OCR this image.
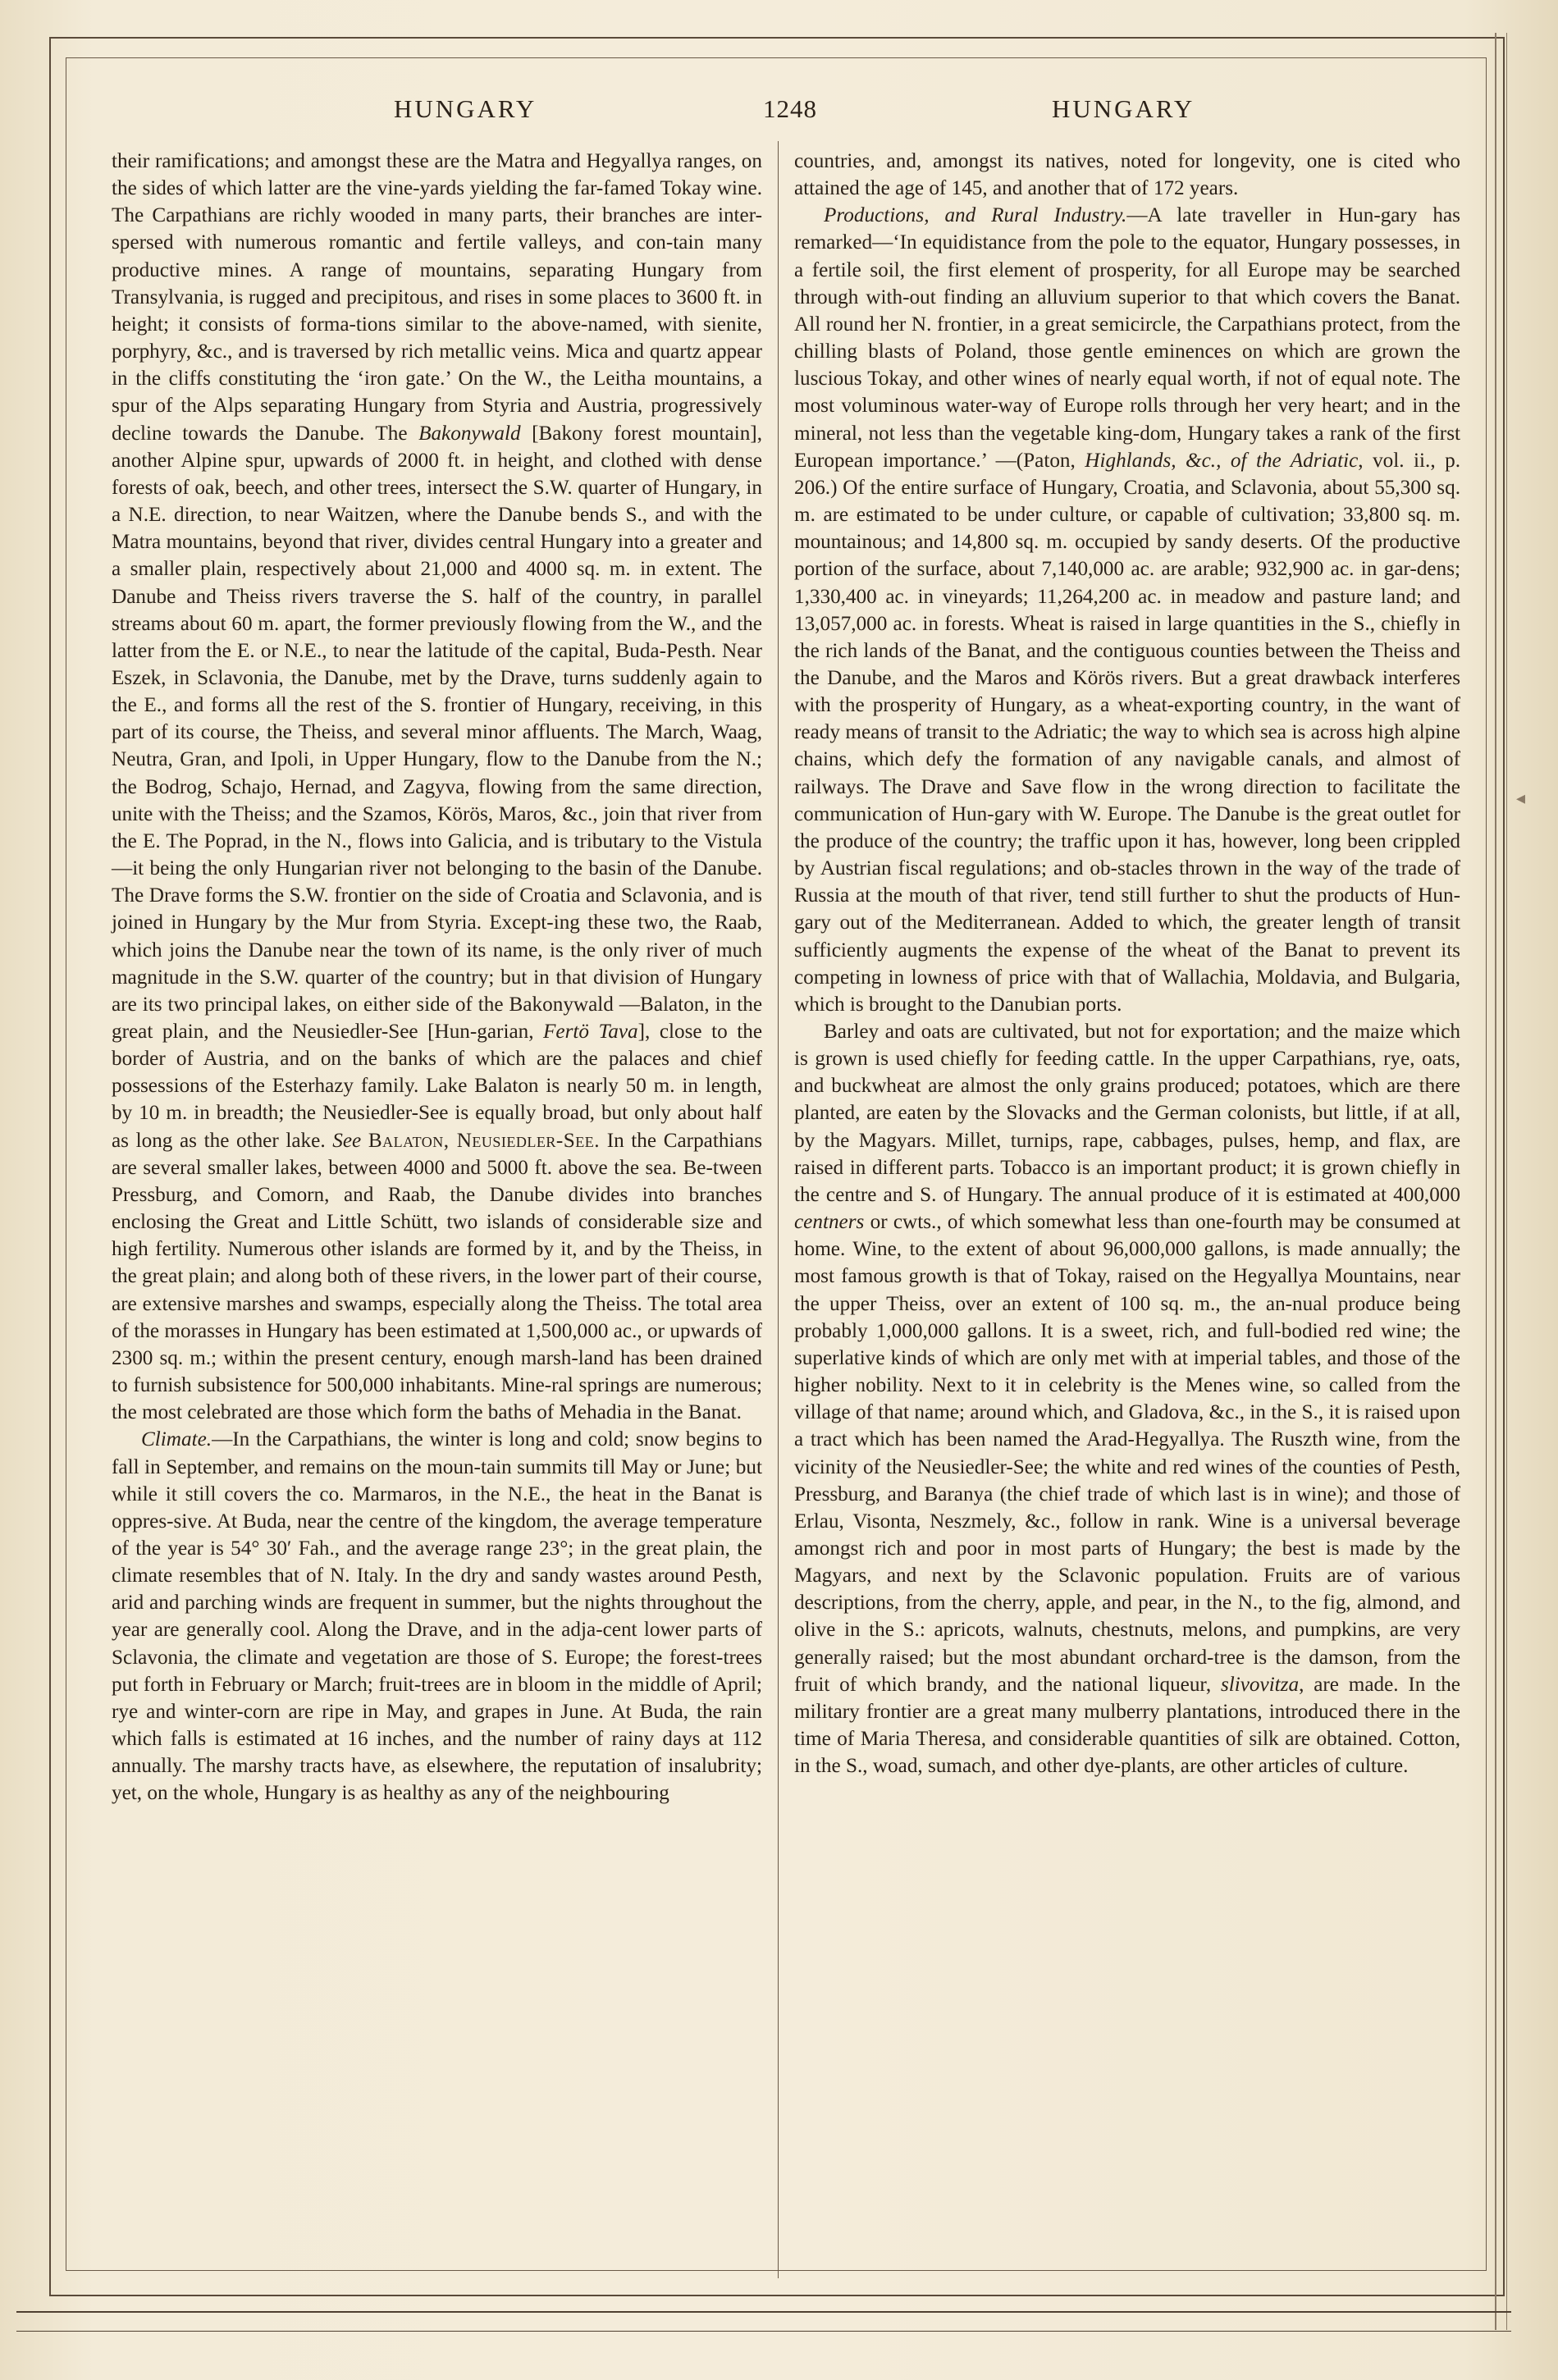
◂
HUNGARY	1248	HUNGARY

their ramifications; and amongst these are the Matra and Hegyallya ranges, on the sides of which latter are the vine-yards yielding the far-famed Tokay wine. The Carpathians are richly wooded in many parts, their branches are inter-spersed with numerous romantic and fertile valleys, and con-tain many productive mines. A range of mountains, separating Hungary from Transylvania, is rugged and precipitous, and rises in some places to 3600 ft. in height; it consists of forma-tions similar to the above-named, with sienite, porphyry, &c., and is traversed by rich metallic veins. Mica and quartz appear in the cliffs constituting the ‘iron gate.’ On the W., the Leitha mountains, a spur of the Alps separating Hungary from Styria and Austria, progressively decline towards the Danube. The Bakonywald [Bakony forest mountain], another Alpine spur, upwards of 2000 ft. in height, and clothed with dense forests of oak, beech, and other trees, intersect the S.W. quarter of Hungary, in a N.E. direction, to near Waitzen, where the Danube bends S., and with the Matra mountains, beyond that river, divides central Hungary into a greater and a smaller plain, respectively about 21,000 and 4000 sq. m. in extent. The Danube and Theiss rivers traverse the S. half of the country, in parallel streams about 60 m. apart, the former previously flowing from the W., and the latter from the E. or N.E., to near the latitude of the capital, Buda-Pesth. Near Eszek, in Sclavonia, the Danube, met by the Drave, turns suddenly again to the E., and forms all the rest of the S. frontier of Hungary, receiving, in this part of its course, the Theiss, and several minor affluents. The March, Waag, Neutra, Gran, and Ipoli, in Upper Hungary, flow to the Danube from the N.; the Bodrog, Schajo, Hernad, and Zagyva, flowing from the same direction, unite with the Theiss; and the Szamos, Körös, Maros, &c., join that river from the E. The Poprad, in the N., flows into Galicia, and is tributary to the Vistula—it being the only Hungarian river not belonging to the basin of the Danube. The Drave forms the S.W. frontier on the side of Croatia and Sclavonia, and is joined in Hungary by the Mur from Styria. Except-ing these two, the Raab, which joins the Danube near the town of its name, is the only river of much magnitude in the S.W. quarter of the country; but in that division of Hungary are its two principal lakes, on either side of the Bakonywald —Balaton, in the great plain, and the Neusiedler-See [Hun-garian, Fertö Tava], close to the border of Austria, and on the banks of which are the palaces and chief possessions of the Esterhazy family. Lake Balaton is nearly 50 m. in length, by 10 m. in breadth; the Neusiedler-See is equally broad, but only about half as long as the other lake. See Balaton, Neusiedler-See. In the Carpathians are several smaller lakes, between 4000 and 5000 ft. above the sea. Be-tween Pressburg, and Comorn, and Raab, the Danube divides into branches enclosing the Great and Little Schütt, two islands of considerable size and high fertility. Numerous other islands are formed by it, and by the Theiss, in the great plain; and along both of these rivers, in the lower part of their course, are extensive marshes and swamps, especially along the Theiss. The total area of the morasses in Hungary has been estimated at 1,500,000 ac., or upwards of 2300 sq. m.; within the present century, enough marsh-land has been drained to furnish subsistence for 500,000 inhabitants. Mine-ral springs are numerous; the most celebrated are those which form the baths of Mehadia in the Banat.

Climate.—In the Carpathians, the winter is long and cold; snow begins to fall in September, and remains on the moun-tain summits till May or June; but while it still covers the co. Marmaros, in the N.E., the heat in the Banat is oppres-sive. At Buda, near the centre of the kingdom, the average temperature of the year is 54° 30′ Fah., and the average range 23°; in the great plain, the climate resembles that of N. Italy. In the dry and sandy wastes around Pesth, arid and parching winds are frequent in summer, but the nights throughout the year are generally cool. Along the Drave, and in the adja-cent lower parts of Sclavonia, the climate and vegetation are those of S. Europe; the forest-trees put forth in February or March; fruit-trees are in bloom in the middle of April; rye and winter-corn are ripe in May, and grapes in June. At Buda, the rain which falls is estimated at 16 inches, and the number of rainy days at 112 annually. The marshy tracts have, as elsewhere, the reputation of insalubrity; yet, on the whole, Hungary is as healthy as any of the neighbouring

countries, and, amongst its natives, noted for longevity, one is cited who attained the age of 145, and another that of 172 years.

Productions, and Rural Industry.—A late traveller in Hun-gary has remarked—‘In equidistance from the pole to the equator, Hungary possesses, in a fertile soil, the first element of prosperity, for all Europe may be searched through with-out finding an alluvium superior to that which covers the Banat. All round her N. frontier, in a great semicircle, the Carpathians protect, from the chilling blasts of Poland, those gentle eminences on which are grown the luscious Tokay, and other wines of nearly equal worth, if not of equal note. The most voluminous water-way of Europe rolls through her very heart; and in the mineral, not less than the vegetable king-dom, Hungary takes a rank of the first European importance.’ —(Paton, Highlands, &c., of the Adriatic, vol. ii., p. 206.) Of the entire surface of Hungary, Croatia, and Sclavonia, about 55,300 sq. m. are estimated to be under culture, or capable of cultivation; 33,800 sq. m. mountainous; and 14,800 sq. m. occupied by sandy deserts. Of the productive portion of the surface, about 7,140,000 ac. are arable; 932,900 ac. in gar-dens; 1,330,400 ac. in vineyards; 11,264,200 ac. in meadow and pasture land; and 13,057,000 ac. in forests. Wheat is raised in large quantities in the S., chiefly in the rich lands of the Banat, and the contiguous counties between the Theiss and the Danube, and the Maros and Körös rivers. But a great drawback interferes with the prosperity of Hungary, as a wheat-exporting country, in the want of ready means of transit to the Adriatic; the way to which sea is across high alpine chains, which defy the formation of any navigable canals, and almost of railways. The Drave and Save flow in the wrong direction to facilitate the communication of Hun-gary with W. Europe. The Danube is the great outlet for the produce of the country; the traffic upon it has, however, long been crippled by Austrian fiscal regulations; and ob-stacles thrown in the way of the trade of Russia at the mouth of that river, tend still further to shut the products of Hun-gary out of the Mediterranean. Added to which, the greater length of transit sufficiently augments the expense of the wheat of the Banat to prevent its competing in lowness of price with that of Wallachia, Moldavia, and Bulgaria, which is brought to the Danubian ports.

Barley and oats are cultivated, but not for exportation; and the maize which is grown is used chiefly for feeding cattle. In the upper Carpathians, rye, oats, and buckwheat are almost the only grains produced; potatoes, which are there planted, are eaten by the Slovacks and the German colonists, but little, if at all, by the Magyars. Millet, turnips, rape, cabbages, pulses, hemp, and flax, are raised in different parts. Tobacco is an important product; it is grown chiefly in the centre and S. of Hungary. The annual produce of it is estimated at 400,000 centners or cwts., of which somewhat less than one-fourth may be consumed at home. Wine, to the extent of about 96,000,000 gallons, is made annually; the most famous growth is that of Tokay, raised on the Hegyallya Mountains, near the upper Theiss, over an extent of 100 sq. m., the an-nual produce being probably 1,000,000 gallons. It is a sweet, rich, and full-bodied red wine; the superlative kinds of which are only met with at imperial tables, and those of the higher nobility. Next to it in celebrity is the Menes wine, so called from the village of that name; around which, and Gladova, &c., in the S., it is raised upon a tract which has been named the Arad-Hegyallya. The Ruszth wine, from the vicinity of the Neusiedler-See; the white and red wines of the counties of Pesth, Pressburg, and Baranya (the chief trade of which last is in wine); and those of Erlau, Visonta, Neszmely, &c., follow in rank. Wine is a universal beverage amongst rich and poor in most parts of Hungary; the best is made by the Magyars, and next by the Sclavonic population. Fruits are of various descriptions, from the cherry, apple, and pear, in the N., to the fig, almond, and olive in the S.: apricots, walnuts, chestnuts, melons, and pumpkins, are very generally raised; but the most abundant orchard-tree is the damson, from the fruit of which brandy, and the national liqueur, slivovitza, are made. In the military frontier are a great many mulberry plantations, introduced there in the time of Maria Theresa, and considerable quantities of silk are obtained. Cotton, in the S., woad, sumach, and other dye-plants, are other articles of culture.
